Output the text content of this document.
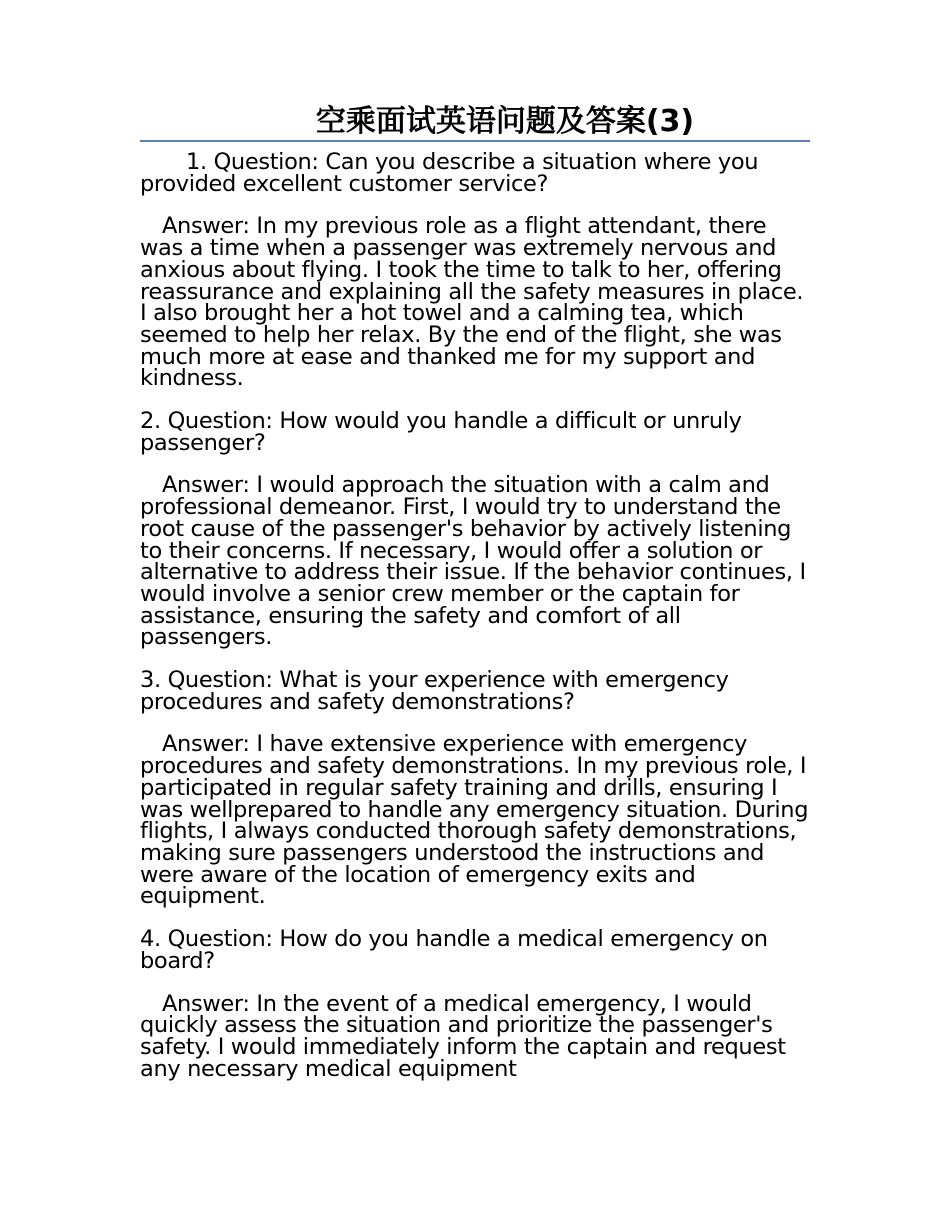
空乘面试英语问题及答案(3)

1. Question: Can you describe a situation where you provided excellent customer service?

Answer: In my previous role as a flight attendant, there was a time when a passenger was extremely nervous and anxious about flying. I took the time to talk to her, offering reassurance and explaining all the safety measures in place. I also brought her a hot towel and a calming tea, which seemed to help her relax. By the end of the flight, she was much more at ease and thanked me for my support and kindness.

2. Question: How would you handle a difficult or unruly passenger?

Answer: I would approach the situation with a calm and professional demeanor. First, I would try to understand the root cause of the passenger's behavior by actively listening to their concerns. If necessary, I would offer a solution or alternative to address their issue. If the behavior continues, I would involve a senior crew member or the captain for assistance, ensuring the safety and comfort of all passengers.

3. Question: What is your experience with emergency procedures and safety demonstrations?

Answer: I have extensive experience with emergency procedures and safety demonstrations. In my previous role, I participated in regular safety training and drills, ensuring I was wellprepared to handle any emergency situation. During flights, I always conducted thorough safety demonstrations, making sure passengers understood the instructions and were aware of the location of emergency exits and equipment.

4. Question: How do you handle a medical emergency on board?

Answer: In the event of a medical emergency, I would quickly assess the situation and prioritize the passenger's safety. I would immediately inform the captain and request any necessary medical equipment
